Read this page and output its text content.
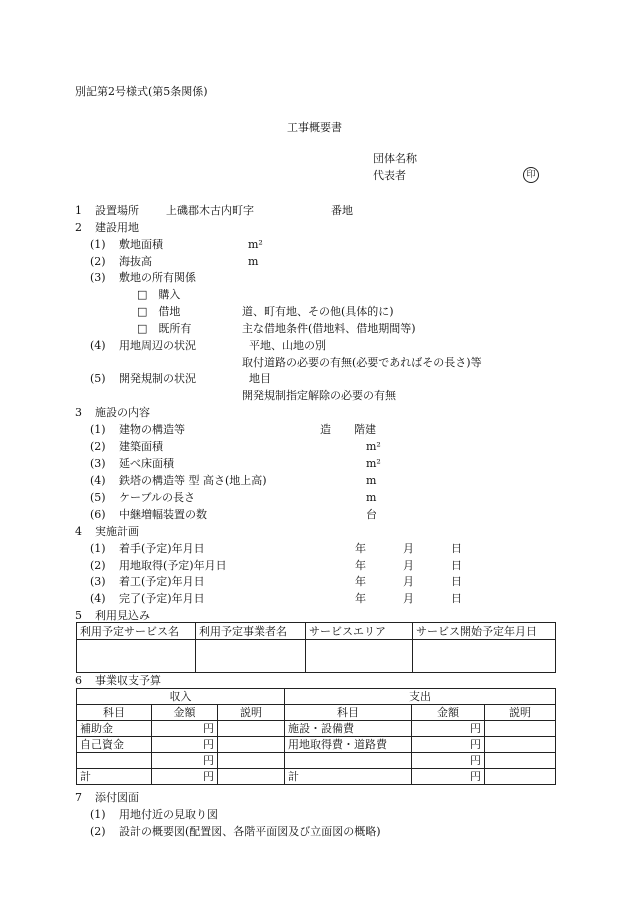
別記第2号様式(第5条関係)
工事概要書
団体名称
代表者	印
1 設置場所 上磯郡木古内町字	番地
2 建設用地
(1) 敷地面積	m²
(2) 海抜高	m
(3) 敷地の所有関係
□　購入
□　借地	道、町有地、その他(具体的に)
□　既所有	主な借地条件(借地料、借地期間等)
(4) 用地周辺の状況	平地、山地の別
取付道路の必要の有無(必要であればその長さ)等
(5) 開発規制の状況	地目
開発規制指定解除の必要の有無
3 施設の内容
(1) 建物の構造等	造 階建
(2) 建築面積	m²
(3) 延べ床面積	m²
(4) 鉄塔の構造等 型 高さ(地上高)	m
(5) ケーブルの長さ	m
(6) 中継増幅装置の数	台
4 実施計画
(1) 着手(予定)年月日	年	月	日
(2) 用地取得(予定)年月日	年	月	日
(3) 着工(予定)年月日	年	月	日
(4) 完了(予定)年月日	年	月	日
5 利用見込み
利用予定サービス名	利用予定事業者名	サービスエリア	サービス開始予定年月日

6 事業収支予算
収入			支出		
科目	金額	説明	科目	金額	説明
補助金	円		施設・設備費	円	
自己資金	円		用地取得費・道路費	円	
	円			円	
計	円		計	円	
7 添付図面
(1) 用地付近の見取り図
(2) 設計の概要図(配置図、各階平面図及び立面図の概略)
